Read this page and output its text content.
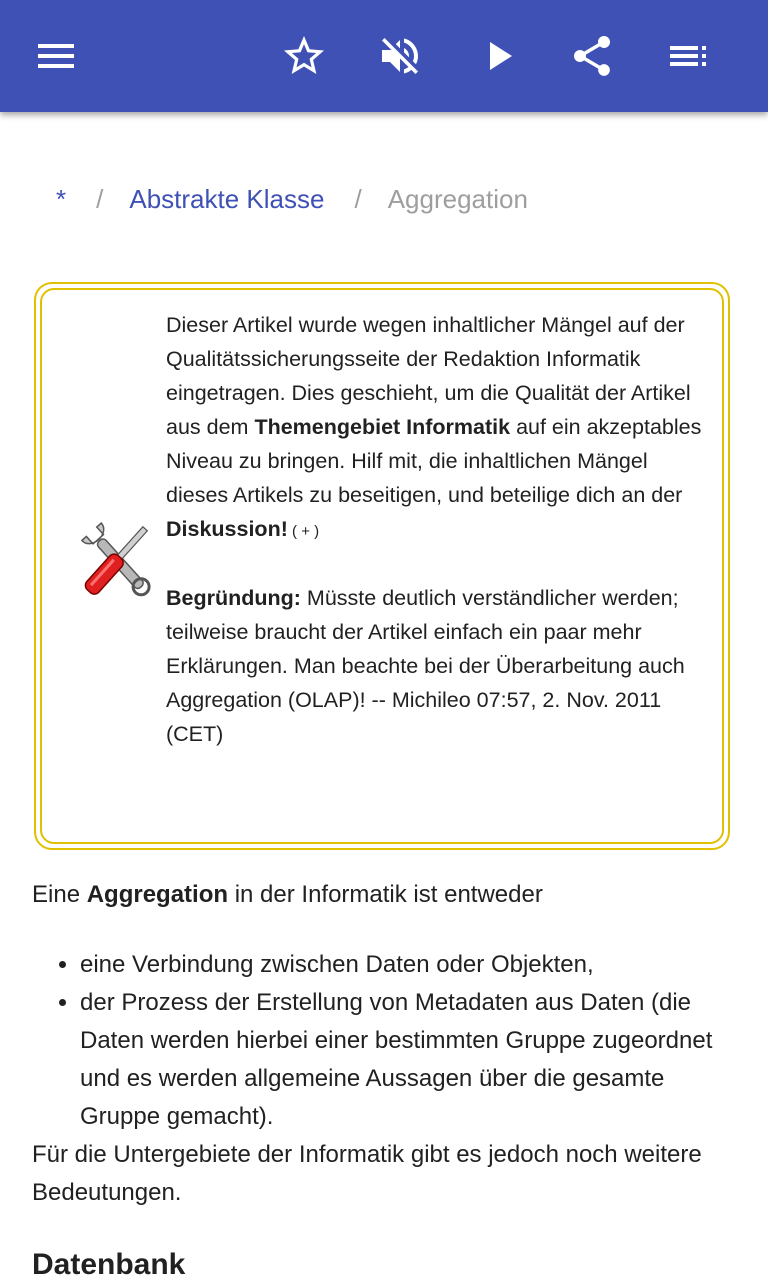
* / Abstrakte Klasse / Aggregation

Dieser Artikel wurde wegen inhaltlicher Mängel auf der Qualitätssicherungsseite der Redaktion Informatik eingetragen. Dies geschieht, um die Qualität der Artikel aus dem Themengebiet Informatik auf ein akzeptables Niveau zu bringen. Hilf mit, die inhaltlichen Mängel dieses Artikels zu beseitigen, und beteilige dich an der Diskussion! ( + )

Begründung: Müsste deutlich verständlicher werden; teilweise braucht der Artikel einfach ein paar mehr Erklärungen. Man beachte bei der Überarbeitung auch Aggregation (OLAP)! -- Michileo 07:57, 2. Nov. 2011 (CET)

Eine Aggregation in der Informatik ist entweder

• eine Verbindung zwischen Daten oder Objekten,
• der Prozess der Erstellung von Metadaten aus Daten (die Daten werden hierbei einer bestimmten Gruppe zugeordnet und es werden allgemeine Aussagen über die gesamte Gruppe gemacht).

Für die Untergebiete der Informatik gibt es jedoch noch weitere Bedeutungen.

Datenbank
